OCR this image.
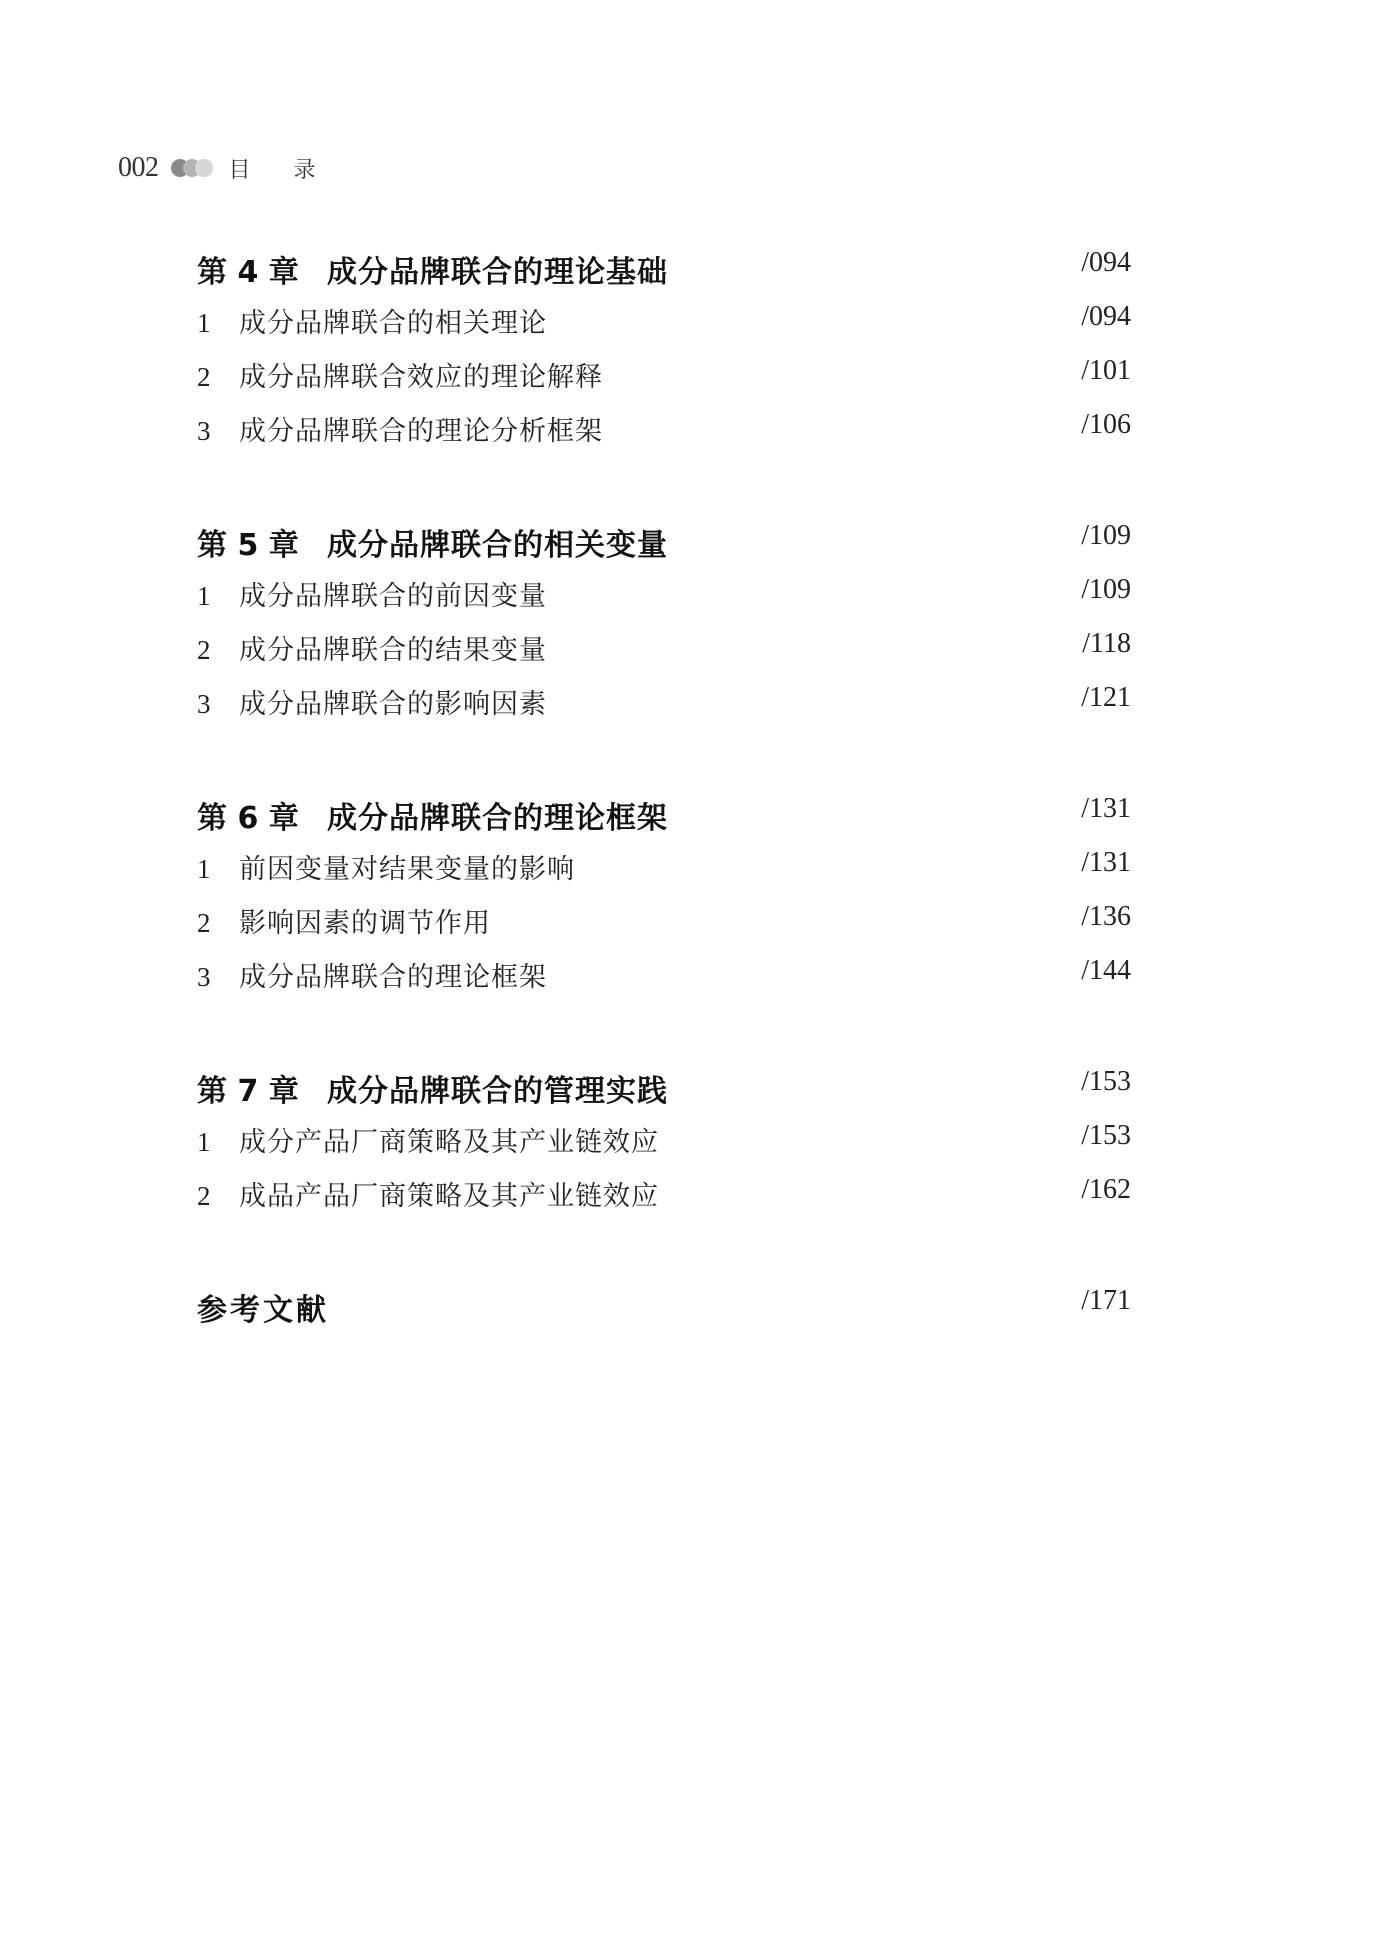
002	目 录
第 4 章 成分品牌联合的理论基础	/094
1	成分品牌联合的相关理论	/094
2	成分品牌联合效应的理论解释	/101
3	成分品牌联合的理论分析框架	/106
第 5 章 成分品牌联合的相关变量	/109
1	成分品牌联合的前因变量	/109
2	成分品牌联合的结果变量	/118
3	成分品牌联合的影响因素	/121
第 6 章 成分品牌联合的理论框架	/131
1	前因变量对结果变量的影响	/131
2	影响因素的调节作用	/136
3	成分品牌联合的理论框架	/144
第 7 章 成分品牌联合的管理实践	/153
1	成分产品厂商策略及其产业链效应	/153
2	成品产品厂商策略及其产业链效应	/162
参考文献	/171
